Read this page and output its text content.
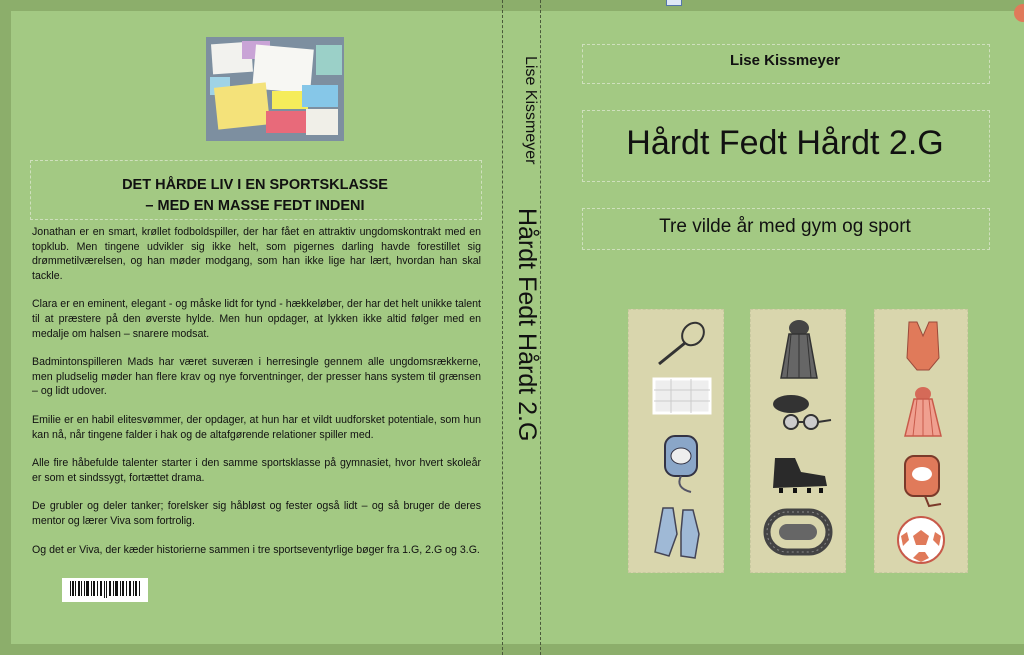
DET HÅRDE LIV I EN SPORTSKLASSE
– MED EN MASSE FEDT INDENI

Jonathan er en smart, krøllet fodboldspiller, der har fået en attraktiv ungdomskontrakt med en topklub. Men tingene udvikler sig ikke helt, som pigernes darling havde forestillet sig drømmetilværelsen, og han møder modgang, som han ikke lige har lært, hvordan han skal tackle.

Clara er en eminent, elegant - og måske lidt for tynd - hækkeløber, der har det helt unikke talent til at præstere på den øverste hylde. Men hun opdager, at lykken ikke altid følger med en medalje om halsen – snarere modsat.

Badmintonspilleren Mads har været suveræn i herresingle gennem alle ungdomsrækkerne, men pludselig møder han flere krav og nye forventninger, der presser hans system til grænsen – og lidt udover.

Emilie er en habil elitesvømmer, der opdager, at hun har et vildt uudforsket potentiale, som hun kan nå, når tingene falder i hak og de altafgørende relationer spiller med.

Alle fire håbefulde talenter starter i den samme sportsklasse på gymnasiet, hvor hvert skoleår er som et sindssygt, fortættet drama.

De grubler og deler tanker; forelsker sig håbløst og fester også lidt – og så bruger de deres mentor og lærer Viva som fortrolig.

Og det er Viva, der kæder historierne sammen i tre sportseventyrlige bøger fra 1.G, 2.G og 3.G.

Lise Kissmeyer
Hårdt Fedt Hårdt 2.G
Lise Kissmeyer
Hårdt Fedt Hårdt 2.G
Tre vilde år med gym og sport
